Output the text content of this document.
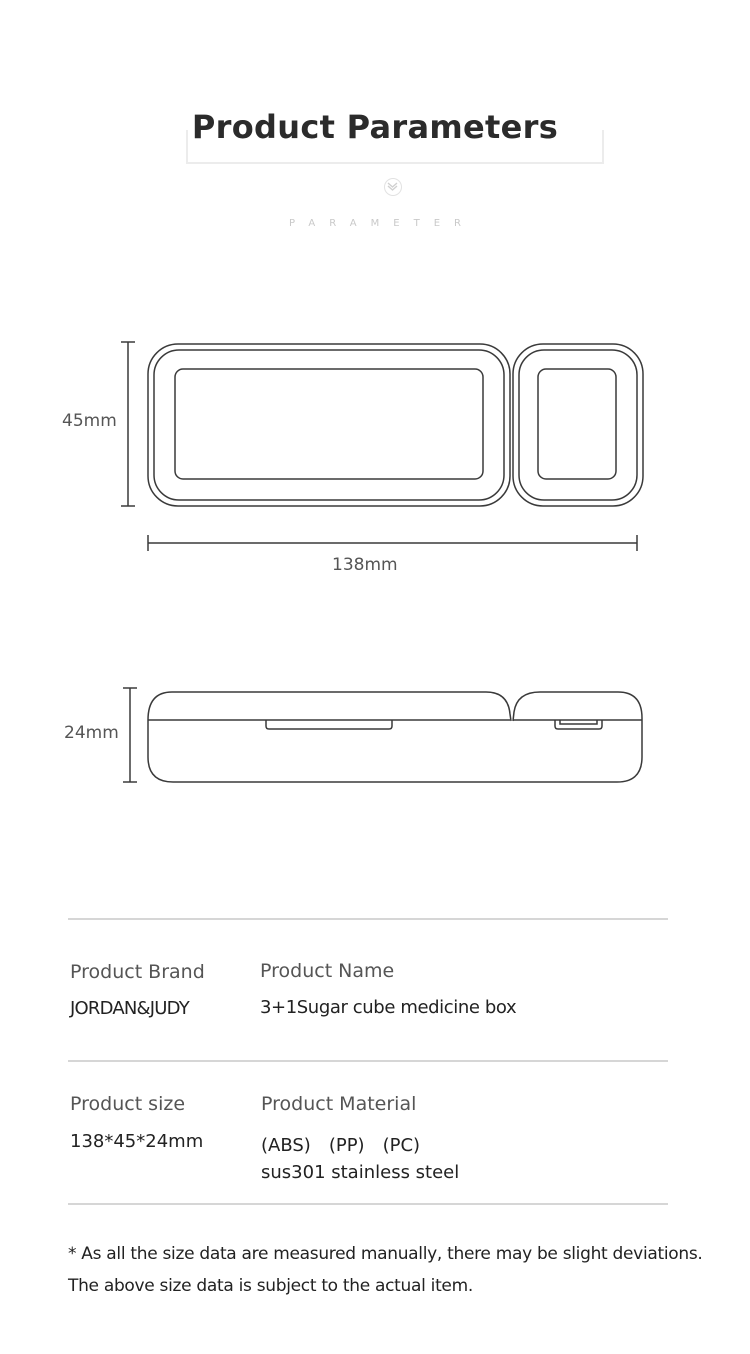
Product Parameters
PARAMETER
45mm
138mm
24mm
Product Brand
JORDAN&JUDY
Product Name
3+1Sugar cube medicine box
Product size
138*45*24mm
Product Material
(ABS)　(PP)　(PC)
sus301 stainless steel
* As all the size data are measured manually, there may be slight deviations.
The above size data is subject to the actual item.
